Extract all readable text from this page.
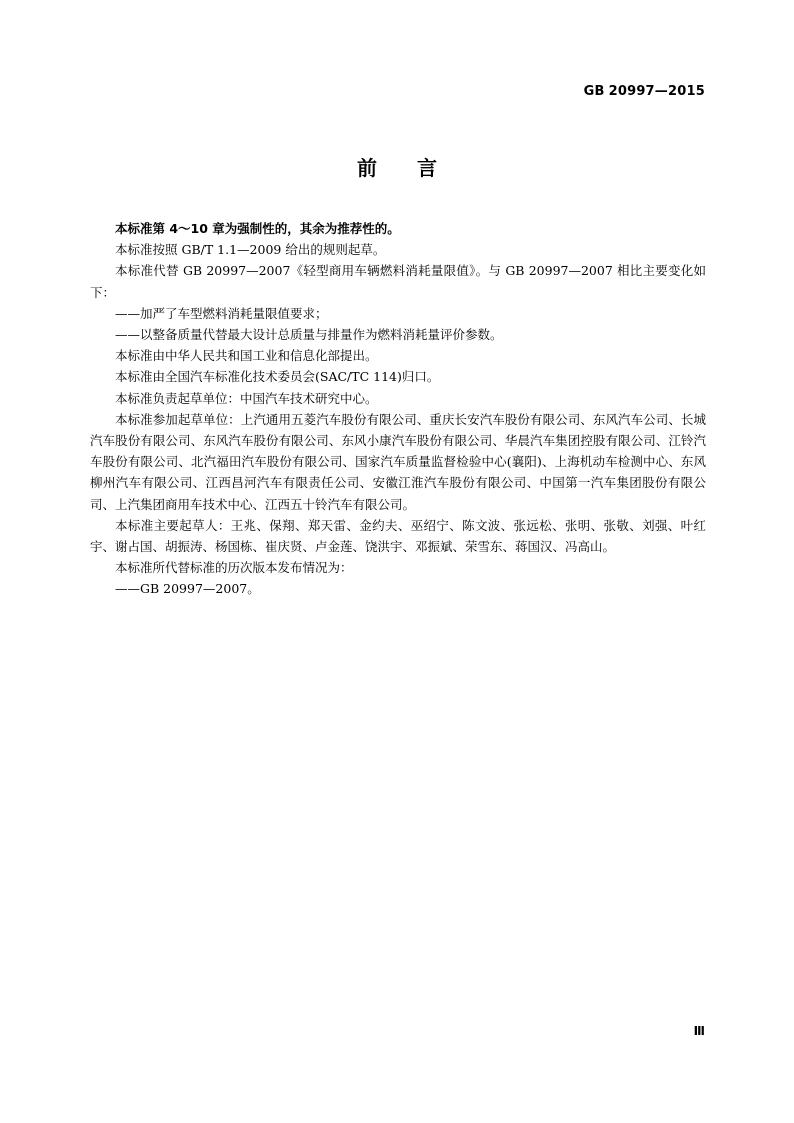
GB 20997—2015
前言

本标准第 4～10 章为强制性的，其余为推荐性的。

本标准按照 GB/T 1.1—2009 给出的规则起草。

本标准代替 GB 20997—2007《轻型商用车辆燃料消耗量限值》。与 GB 20997—2007 相比主要变化如下：

——加严了车型燃料消耗量限值要求；

——以整备质量代替最大设计总质量与排量作为燃料消耗量评价参数。

本标准由中华人民共和国工业和信息化部提出。

本标准由全国汽车标准化技术委员会(SAC/TC 114)归口。

本标准负责起草单位：中国汽车技术研究中心。

本标准参加起草单位：上汽通用五菱汽车股份有限公司、重庆长安汽车股份有限公司、东风汽车公司、长城汽车股份有限公司、东风汽车股份有限公司、东风小康汽车股份有限公司、华晨汽车集团控股有限公司、江铃汽车股份有限公司、北汽福田汽车股份有限公司、国家汽车质量监督检验中心(襄阳)、上海机动车检测中心、东风柳州汽车有限公司、江西昌河汽车有限责任公司、安徽江淮汽车股份有限公司、中国第一汽车集团股份有限公司、上汽集团商用车技术中心、江西五十铃汽车有限公司。

本标准主要起草人：王兆、保翔、郑天雷、金约夫、巫绍宁、陈文波、张远松、张明、张敬、刘强、叶红宇、谢占国、胡振涛、杨国栋、崔庆贤、卢金莲、饶洪宇、邓振斌、荣雪东、蒋国汉、冯高山。

本标准所代替标准的历次版本发布情况为：

——GB 20997—2007。

Ⅲ
